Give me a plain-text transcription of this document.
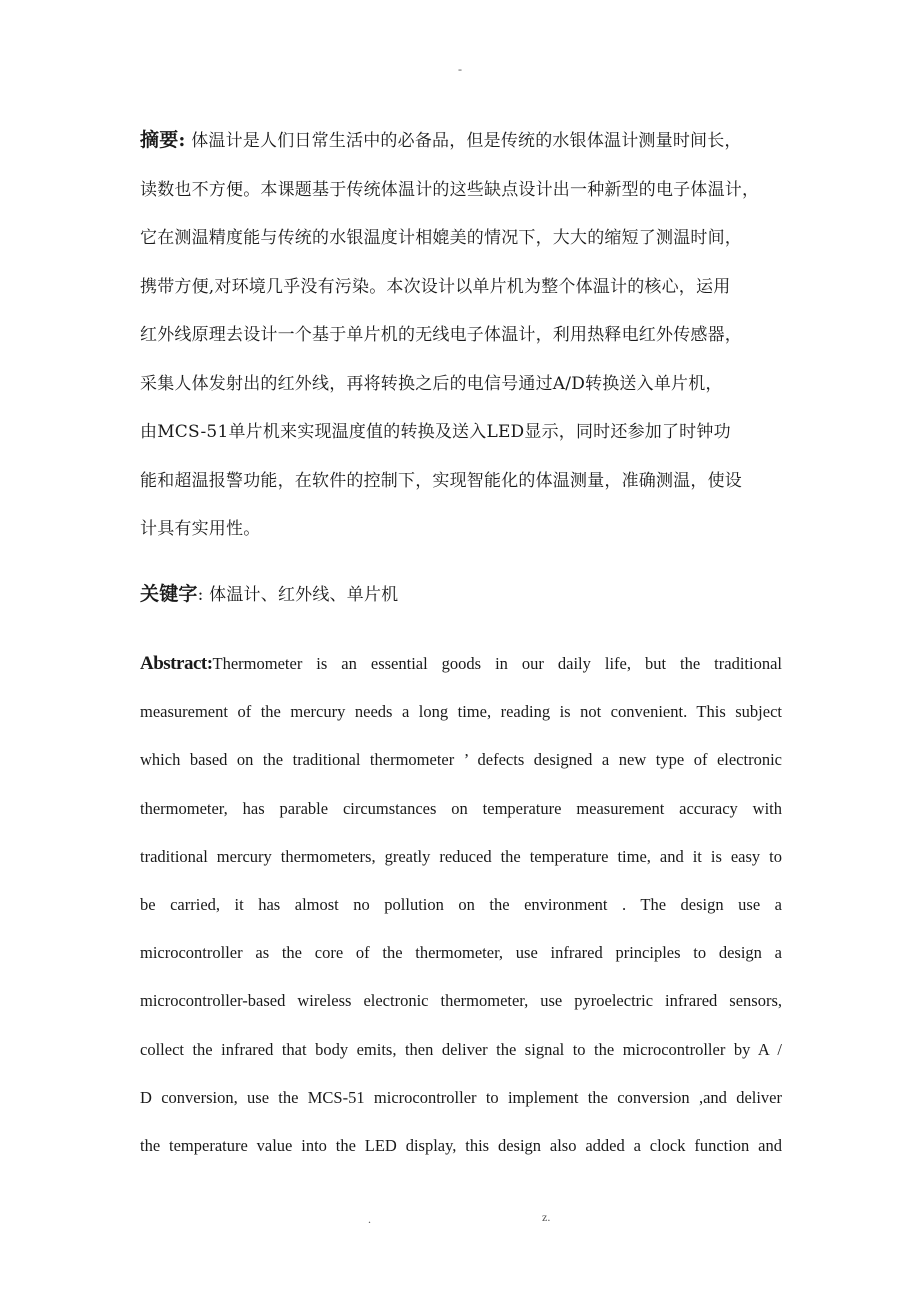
-
摘要: 体温计是人们日常生活中的必备品，但是传统的水银体温计测量时间长，
读数也不方便。本课题基于传统体温计的这些缺点设计出一种新型的电子体温计，
它在测温精度能与传统的水银温度计相媲美的情况下，大大的缩短了测温时间，
携带方便,对环境几乎没有污染。本次设计以单片机为整个体温计的核心，运用
红外线原理去设计一个基于单片机的无线电子体温计，利用热释电红外传感器，
采集人体发射出的红外线，再将转换之后的电信号通过A/D转换送入单片机，
由MCS-51单片机来实现温度值的转换及送入LED显示，同时还参加了时钟功
能和超温报警功能，在软件的控制下，实现智能化的体温测量，准确测温，使设
计具有实用性。
关键字: 体温计、红外线、单片机
Abstract:Thermometer is an essential goods in our daily life, but the traditional
measurement of the mercury needs a long time, reading is not convenient. This subject
which based on the traditional thermometer ’ defects designed a new type of electronic
thermometer, has parable circumstances on temperature measurement accuracy with
traditional mercury thermometers, greatly reduced the temperature time, and it is easy to
be carried, it has almost no pollution on the environment . The design use a
microcontroller as the core of the thermometer, use infrared principles to design a
microcontroller-based wireless electronic thermometer, use pyroelectric infrared sensors,
collect the infrared that body emits, then deliver the signal to the microcontroller by A /
D conversion, use the MCS-51 microcontroller to implement the conversion ,and deliver
the temperature value into the LED display, this design also added a clock function and
.	z.
